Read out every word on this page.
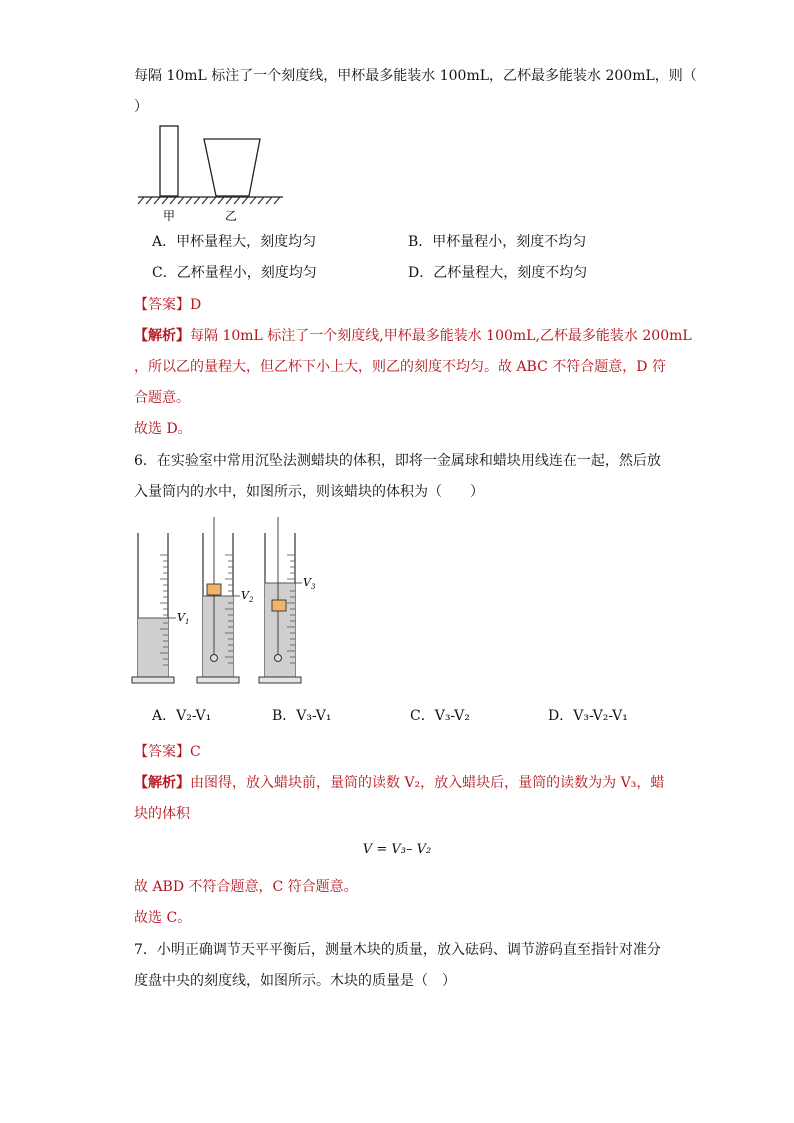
每隔 10mL 标注了一个刻度线，甲杯最多能装水 100mL，乙杯最多能装水 200mL，则（
）
甲	乙
A．甲杯量程大，刻度均匀	B．甲杯量程小，刻度不均匀
C．乙杯量程小，刻度均匀	D．乙杯量程大，刻度不均匀
【答案】D
【解析】每隔 10mL 标注了一个刻度线,甲杯最多能装水 100mL,乙杯最多能装水 200mL
，所以乙的量程大，但乙杯下小上大，则乙的刻度不均匀。故 ABC 不符合题意，D 符
合题意。
故选 D。
6．在实验室中常用沉坠法测蜡块的体积，即将一金属球和蜡块用线连在一起，然后放
入量筒内的水中，如图所示，则该蜡块的体积为（　　）
$V_1$
$V_2$
$V_3$
A．V₂-V₁	B．V₃-V₁	C．V₃-V₂	D．V₃-V₂-V₁
【答案】C
【解析】由图得，放入蜡块前，量筒的读数 V₂，放入蜡块后，量筒的读数为为 V₃，蜡
块的体积
V = V₃– V₂
故 ABD 不符合题意，C 符合题意。
故选 C。
7．小明正确调节天平平衡后，测量木块的质量，放入砝码、调节游码直至指针对准分
度盘中央的刻度线，如图所示。木块的质量是（　）
